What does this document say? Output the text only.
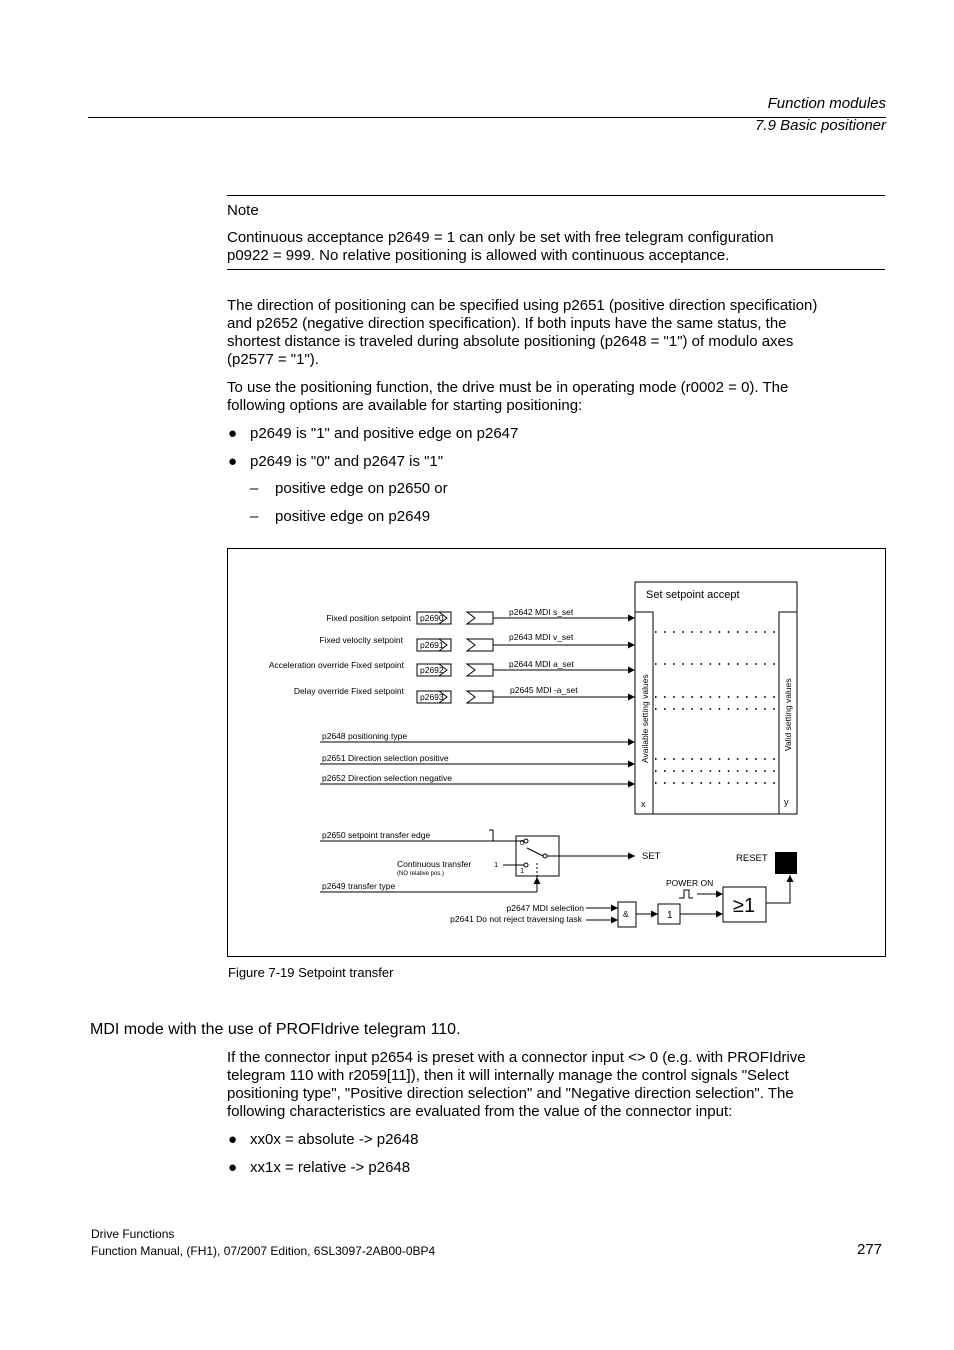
Function modules
7.9 Basic positioner
Note
Continuous acceptance p2649 = 1 can only be set with free telegram configuration
p0922 = 999. No relative positioning is allowed with continuous acceptance.
The direction of positioning can be specified using p2651 (positive direction specification)
and p2652 (negative direction specification). If both inputs have the same status, the
shortest distance is traveled during absolute positioning (p2648 = "1") of modulo axes
(p2577 = "1").
To use the positioning function, the drive must be in operating mode (r0002 = 0). The
following options are available for starting positioning:
● p2649 is "1" and positive edge on p2647
● p2649 is "0" and p2647 is "1"
–    positive edge on p2650 or
–    positive edge on p2649
Set setpoint accept
Available setting values	Valid setting values
x	y
SET	RESET
Fixed position setpoint p2690
p2642 MDI s_set
Fixed velocity setpoint p2691
p2643 MDI v_set
Acceleration override Fixed setpoint p2692
p2644 MDI a_set
Delay override Fixed setpoint
p2693
p2645 MDI -a_set
p2648 positioning type
p2651 Direction selection positive
p2652 Direction selection negative
p2650 setpoint transfer edge
0
1
1
Continuous transfer
(NO relative pos.)
p2649 transfer type
p2647 MDI selection
p2641 Do not reject traversing task	&	1
POWER ON
≥1
Figure 7-19 Setpoint transfer
MDI mode with the use of PROFIdrive telegram 110.
If the connector input p2654 is preset with a connector input <> 0 (e.g. with PROFIdrive
telegram 110 with r2059[11]), then it will internally manage the control signals "Select
positioning type", "Positive direction selection" and "Negative direction selection". The
following characteristics are evaluated from the value of the connector input:
● xx0x = absolute -> p2648
● xx1x = relative -> p2648
Drive Functions
Function Manual, (FH1), 07/2007 Edition, 6SL3097-2AB00-0BP4	277
